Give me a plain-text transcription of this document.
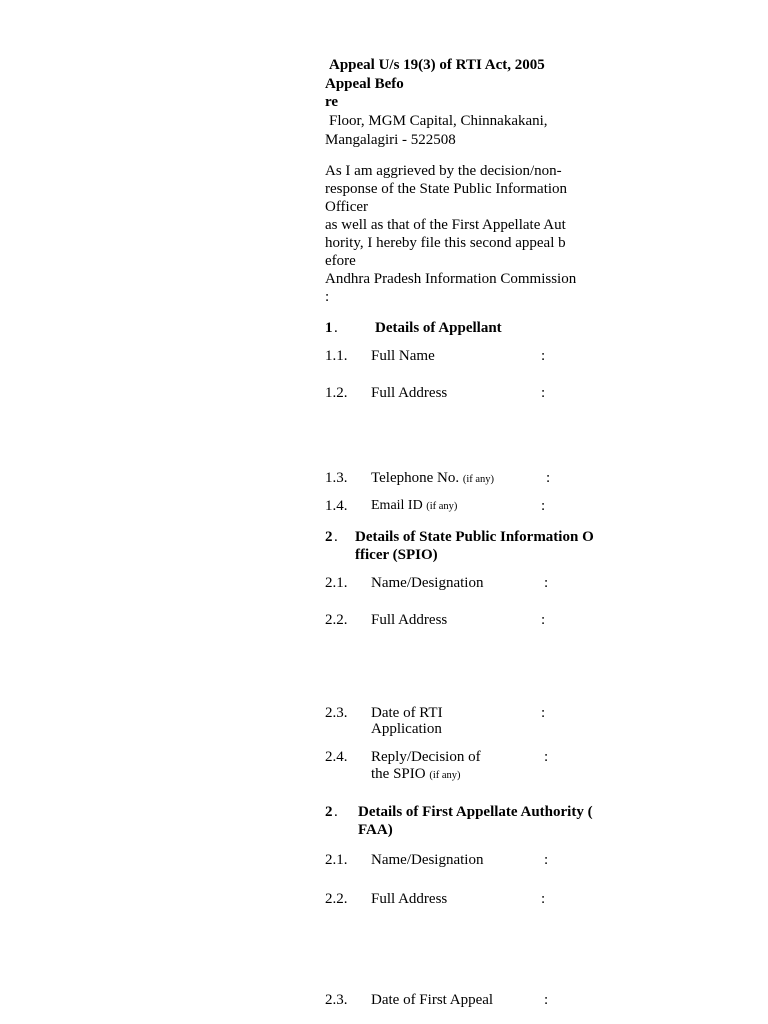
Appeal U/s 19(3) of RTI Act, 2005
Appeal Befo
re
Floor, MGM Capital, Chinnakakani,
Mangalagiri - 522508
As I am aggrieved by the decision/non-
response of the State Public Information
Officer
as well as that of the First Appellate Aut
hority, I hereby file this second appeal b
efore
Andhra Pradesh Information Commission
:
1 . Details of Appellant
1.1. Full Name	:
1.2. Full Address	:
1.3. Telephone No. (if any)	:
1.4. Email ID (if any)	:
2 . Details of State Public Information O
fficer (SPIO)
2.1. Name/Designation	:
2.2. Full Address	:
2.3. Date of RTI
Application
:
2.4. Reply/Decision of
the SPIO (if any)
:
2 . Details of First Appellate Authority (
FAA)
2.1. Name/Designation	:
2.2. Full Address	:
2.3. Date of First Appeal	:
